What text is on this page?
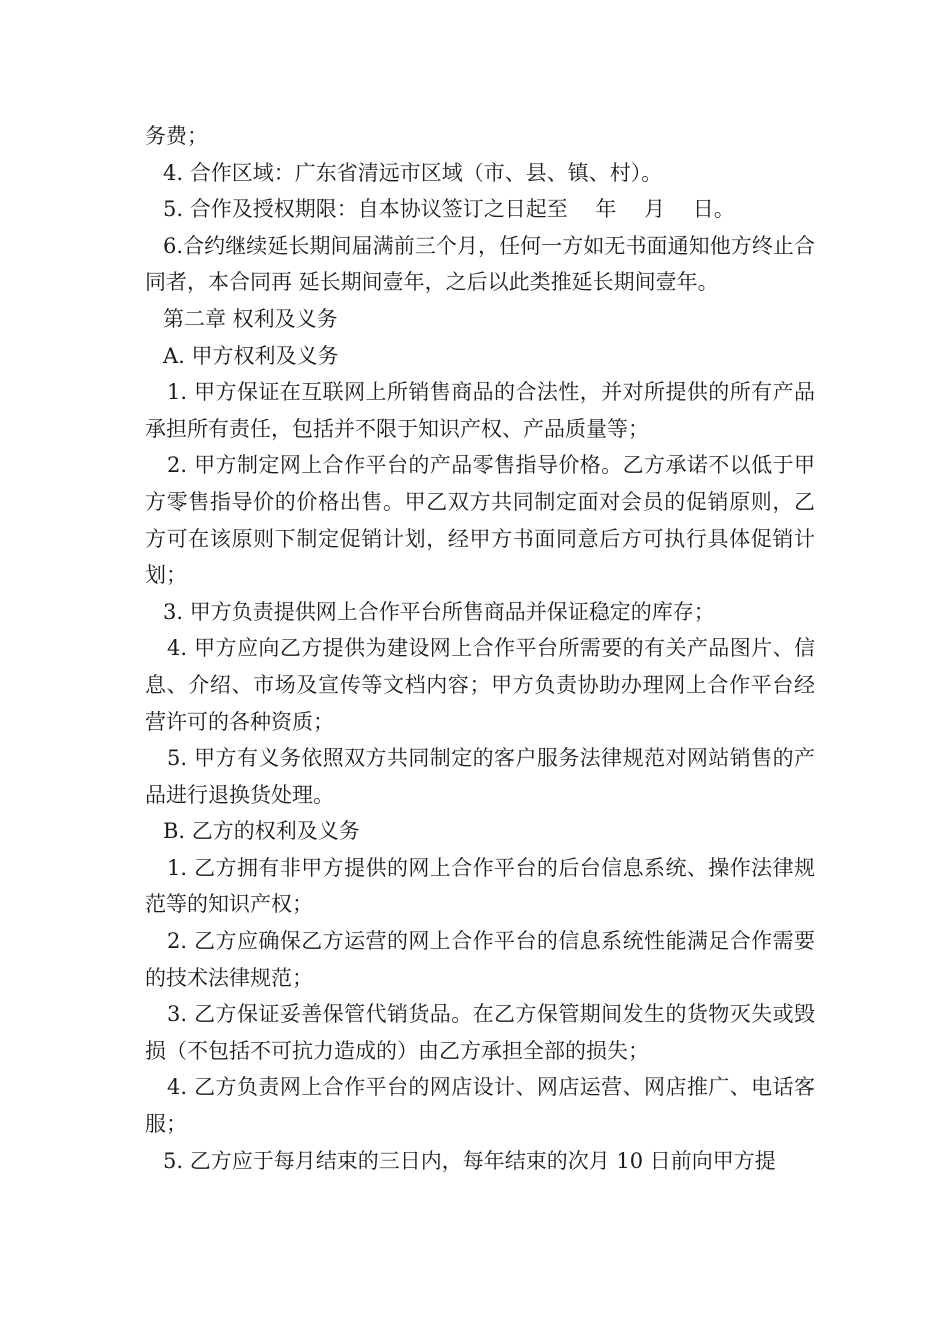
务费；

4. 合作区域：广东省清远市区域（市、县、镇、村）。

5. 合作及授权期限：自本协议签订之日起至　 年　 月　 日。

6.合约继续延长期间届满前三个月，任何一方如无书面通知他方终止合同者，本合同再 延长期间壹年，之后以此类推延长期间壹年。

第二章 权利及义务

A. 甲方权利及义务

1. 甲方保证在互联网上所销售商品的合法性，并对所提供的所有产品承担所有责任，包括并不限于知识产权、产品质量等；

2. 甲方制定网上合作平台的产品零售指导价格。乙方承诺不以低于甲方零售指导价的价格出售。甲乙双方共同制定面对会员的促销原则，乙方可在该原则下制定促销计划，经甲方书面同意后方可执行具体促销计划；

3. 甲方负责提供网上合作平台所售商品并保证稳定的库存；

4. 甲方应向乙方提供为建设网上合作平台所需要的有关产品图片、信息、介绍、市场及宣传等文档内容；甲方负责协助办理网上合作平台经营许可的各种资质；

5. 甲方有义务依照双方共同制定的客户服务法律规范对网站销售的产品进行退换货处理。

B. 乙方的权利及义务

1. 乙方拥有非甲方提供的网上合作平台的后台信息系统、操作法律规范等的知识产权；

2. 乙方应确保乙方运营的网上合作平台的信息系统性能满足合作需要的技术法律规范；

3. 乙方保证妥善保管代销货品。在乙方保管期间发生的货物灭失或毁损（不包括不可抗力造成的）由乙方承担全部的损失；

4. 乙方负责网上合作平台的网店设计、网店运营、网店推广、电话客服；

5. 乙方应于每月结束的三日内，每年结束的次月 10 日前向甲方提
